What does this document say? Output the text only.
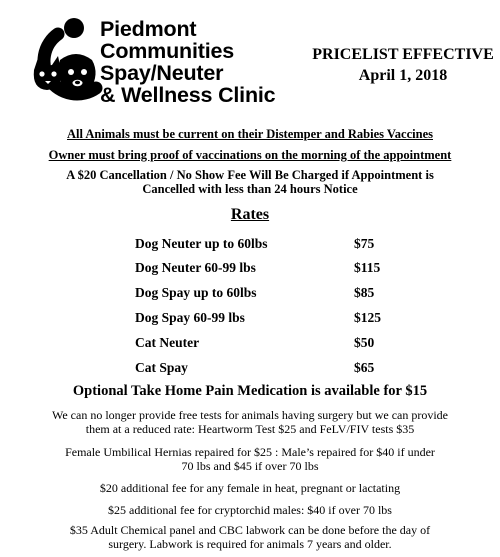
Piedmont
Communities
Spay/Neuter
& Wellness Clinic
PRICELIST EFFECTIVE
April 1, 2018
All Animals must be current on their Distemper and Rabies Vaccines
Owner must bring proof of vaccinations on the morning of the appointment
A $20 Cancellation / No Show Fee Will Be Charged if Appointment is
Cancelled with less than 24 hours Notice
Rates
Dog Neuter up to 60lbs	$75
Dog Neuter 60-99 lbs	$115
Dog Spay up to 60lbs	$85
Dog Spay 60-99 lbs	$125
Cat Neuter	$50
Cat Spay	$65
Optional Take Home Pain Medication is available for $15
We can no longer provide free tests for animals having surgery but we can provide
them at a reduced rate: Heartworm Test $25 and FeLV/FIV tests $35
Female Umbilical Hernias repaired for $25 : Male’s repaired for $40 if under
70 lbs and $45 if over 70 lbs
$20 additional fee for any female in heat, pregnant or lactating
$25 additional fee for cryptorchid males: $40 if over 70 lbs
$35 Adult Chemical panel and CBC labwork can be done before the day of
surgery. Labwork is required for animals 7 years and older.
